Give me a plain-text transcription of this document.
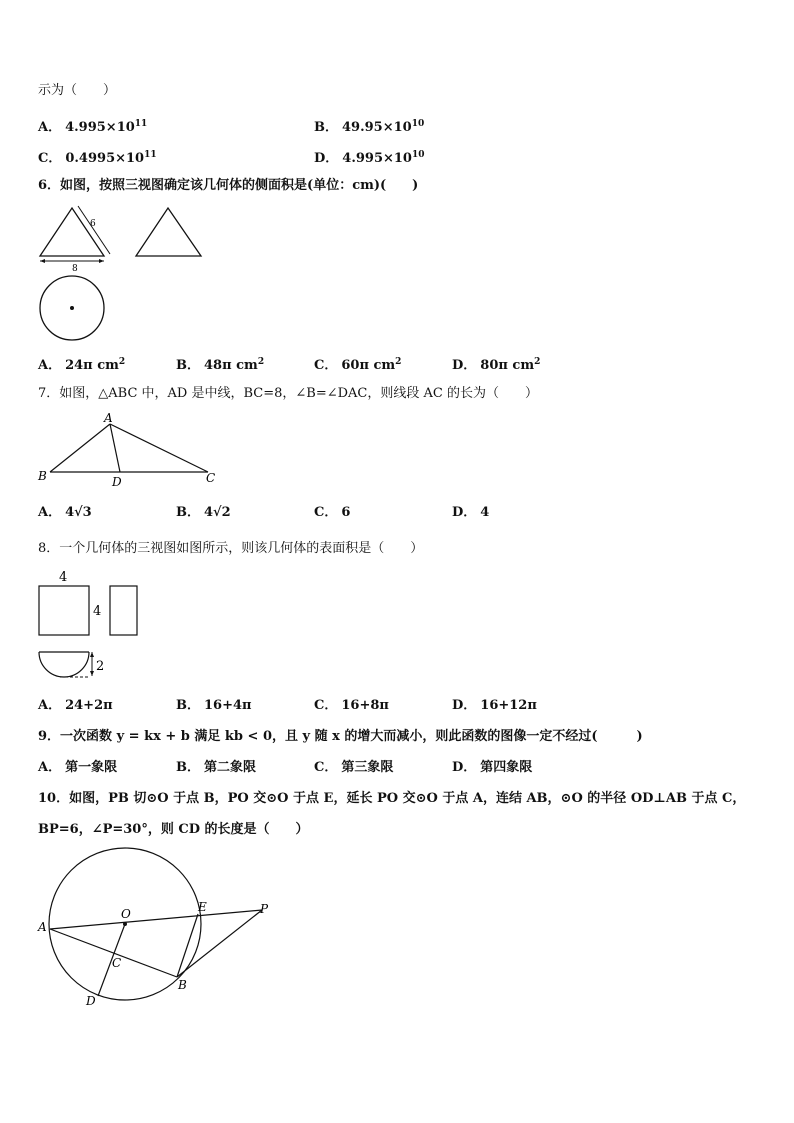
示为（　　）
A． $4.995\times 10^{11}$	B． $49.95\times 10^{10}$
C． $0.4995\times 10^{11}$	D． $4.995\times 10^{10}$
6．如图，按照三视图确定该几何体的侧面积是(单位：cm)(　　)
6
8
A． 24π $cm^2$	B． 48π $cm^2$	C． 60π $cm^2$	D． 80π $cm^2$
7．如图，△ABC 中，AD 是中线，BC=8，∠B=∠DAC，则线段 AC 的长为（　　）
A
B	C
D
A． 4√3	B． 4√2	C． 6	D． 4
8．一个几何体的三视图如图所示，则该几何体的表面积是（　　）
4
4
2
A． 24+2π	B． 16+4π	C． 16+8π	D． 16+12π
9．一次函数 y = kx + b 满足 kb < 0，且 y 随 x 的增大而减小，则此函数的图像一定不经过(　　　)
A． 第一象限	B． 第二象限	C． 第三象限	D． 第四象限
10．如图，PB 切⊙O 于点 B，PO 交⊙O 于点 E，延长 PO 交⊙O 于点 A，连结 AB，⊙O 的半径 OD⊥AB 于点 C，
BP=6，∠P=30°，则 CD 的长度是（　　）
O	E	P
A
C
B
D
